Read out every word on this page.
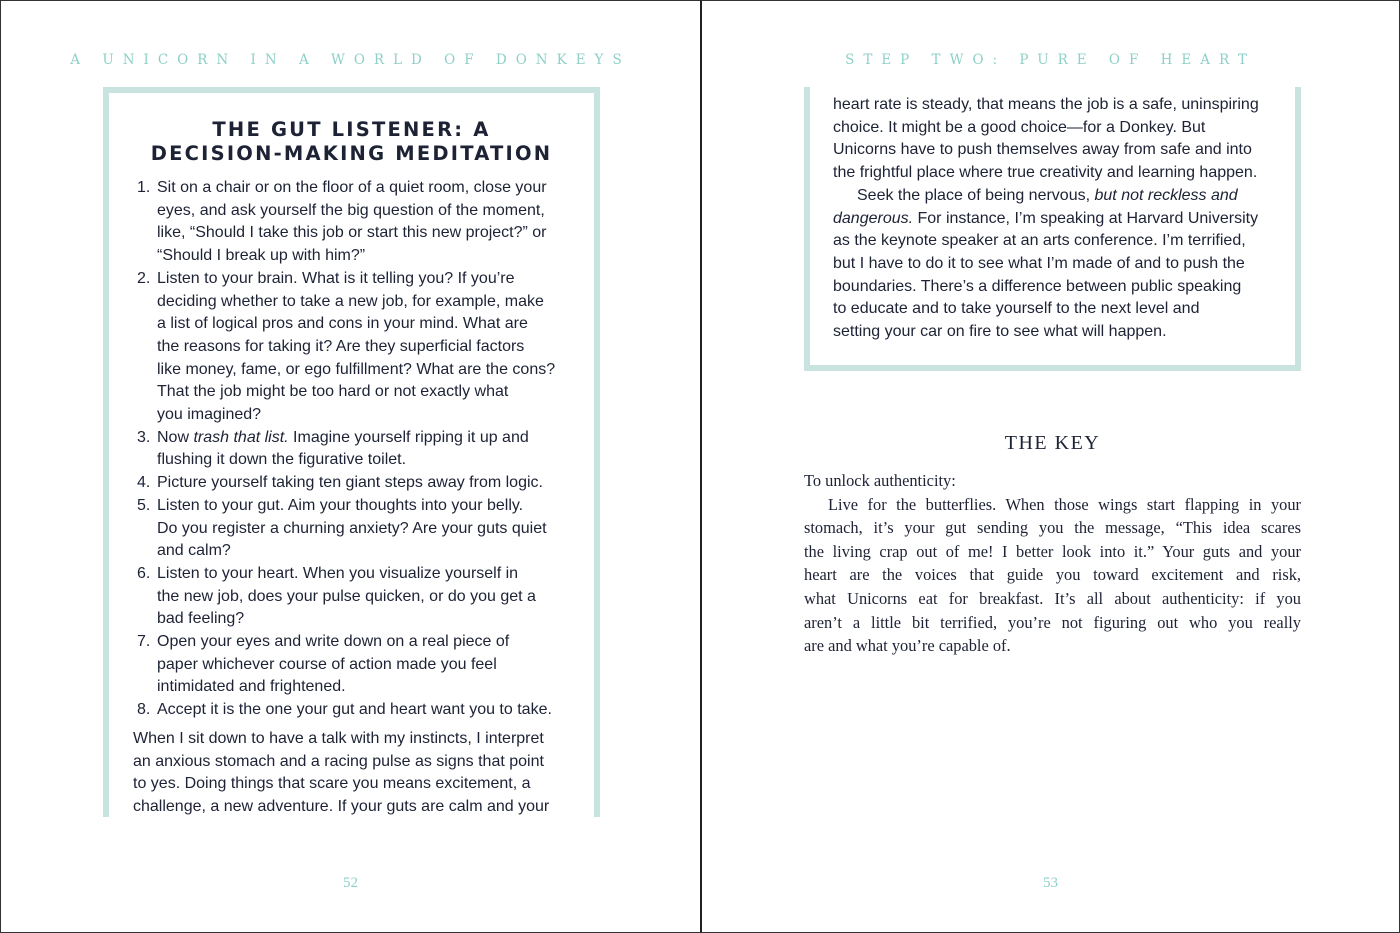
A UNICORN IN A WORLD OF DONKEYS
THE GUT LISTENER: A
DECISION-MAKING MEDITATION
1. Sit on a chair or on the floor of a quiet room, close your
eyes, and ask yourself the big question of the moment,
like, “Should I take this job or start this new project?” or
“Should I break up with him?”
2. Listen to your brain. What is it telling you? If you’re
deciding whether to take a new job, for example, make
a list of logical pros and cons in your mind. What are
the reasons for taking it? Are they superficial factors
like money, fame, or ego fulfillment? What are the cons?
That the job might be too hard or not exactly what
you imagined?
3. Now trash that list. Imagine yourself ripping it up and
flushing it down the figurative toilet.
4. Picture yourself taking ten giant steps away from logic.
5. Listen to your gut. Aim your thoughts into your belly.
Do you register a churning anxiety? Are your guts quiet
and calm?
6. Listen to your heart. When you visualize yourself in
the new job, does your pulse quicken, or do you get a
bad feeling?
7. Open your eyes and write down on a real piece of
paper whichever course of action made you feel
intimidated and frightened.
8. Accept it is the one your gut and heart want you to take.
When I sit down to have a talk with my instincts, I interpret
an anxious stomach and a racing pulse as signs that point
to yes. Doing things that scare you means excitement, a
challenge, a new adventure. If your guts are calm and your
52
STEP TWO: PURE OF HEART
heart rate is steady, that means the job is a safe, uninspiring
choice. It might be a good choice—for a Donkey. But
Unicorns have to push themselves away from safe and into
the frightful place where true creativity and learning happen.
Seek the place of being nervous, but not reckless and
dangerous. For instance, I’m speaking at Harvard University
as the keynote speaker at an arts conference. I’m terrified,
but I have to do it to see what I’m made of and to push the
boundaries. There’s a difference between public speaking
to educate and to take yourself to the next level and
setting your car on fire to see what will happen.
THE KEY
To unlock authenticity:
Live for the butterflies. When those wings start flapping in your
stomach, it’s your gut sending you the message, “This idea scares
the living crap out of me! I better look into it.” Your guts and your
heart are the voices that guide you toward excitement and risk,
what Unicorns eat for breakfast. It’s all about authenticity: if you
aren’t a little bit terrified, you’re not figuring out who you really
are and what you’re capable of.
53
